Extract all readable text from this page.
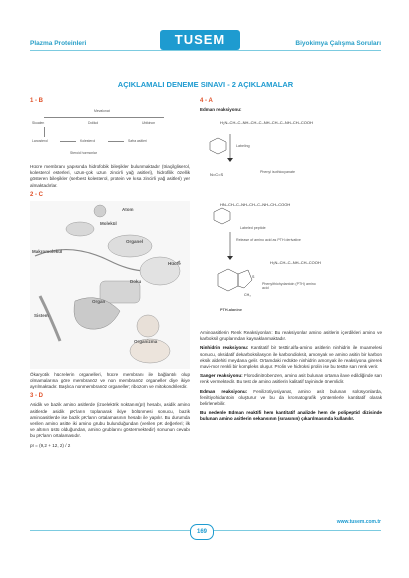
Plazma Proteinleri	TUSEM	Biyokimya Çalışma Soruları
AÇIKLAMALI DENEME SINAVI - 2 AÇIKLAMALAR
1 - B
Mevalonat
Skualen	Dolikol	Ubikinon
Lanosterol	Kolesterol	Safra asitleri
Steroid hormonlar

Hücre membranı yapısında hidrofobik bileşikler bulunmaktadır (triaçilgliserol, kolesterol esterleri, uzun-çok uzun zincirli yağ asitleri), hidrofilik özellik gösteren bileşikler (serbest kolesterol, protein ve kısa zincirli yağ asitleri) yer almaktadırlar.

2 - C
Atom
Molekül
Organel
Makromolekül
Hücre
Doku
Organ
Sistem
Organizma

Ökaryotik hücrelerin organelleri, hücre membranı ile bağlantılı olup olmamalarına göre membranöz ve non membranöz organeller diye ikiye ayrılmaktadır. Başlıca nonmembranöz organeller; ribozom ve mitokondrilerdir.

3 - D

Asidik ve bazik amino asitlerde (izoelektrik noktanın(pI) hesabı, asidik amino asitlerde asidik pK'ların toplanarak ikiye bölünmesi sonucu, bazik aminoasitlerde ise bazik pK'ların ortalamasının hesabı ile yapılır. Bu durumda verilen amino asitte iki amino grubu bulunduğundan (verilen pK değerleri; ilk ve altının üstü olduğundan, amino grublarını göstermektedir) sonunun cevabı bu pK'ların ortalamasıdır.

pI = (9,2 + 12, 2) / 2

4 - A
Edman reaksiyonu:
H₂N–CH–C–NH–CH–C–NH–CH–C–NH–CH–COOH
N=C=S
HN–CH–C–NH–CH–C–NH–CH–COOH
H₃N–CH–C–NH–CH–COOH
S
CH₃
Labeling
Phenyl isothiocyanate
Labeled peptide
Release of amino acid as PTH derivative
Phenylthiohydantoin (PTH) amino acid
PTH-alanine

Aminoasitlerin Renk Reaksiyonları: Bu reaksiyonlar amino asitlerin içerdikleri amino ve karboksil gruplarından kaynaklanmaktadır.

Ninhidrin reaksiyonu: Kantitatif bir testtir.alfa-amino asitlerin ninhidrin ile muamelesi sonucu, oksidatif dekarboksilasyon ile karbondioksit, amonyak ve amino asitin bir karbon eksik aldehiti meydana gelir. Ortamdaki redükte ninhidrin amonyak ile reaksiyona girerek mavi-mor renkli bir kompleks oluşur. Prolin ve hidroksi prolin ise bu testte sarı renk verir.

Sanger reaksiyonu: Florodinitrobenzen, amino asit bulunan ortama ilave edildiğinde sarı renk vermektedir. Bu test de amino asitlerin kalitatif tayininde önemlidir.

Edman reaksiyonu: Fenilizotiyosiyanat, amino asit bulunan solüsyonlarda, feniltiyohidantoin oluşturur ve bu da kromatografik yöntemlerle kantitatif olarak belirlenebilir.

Bu nedenle Edman reaktifi hem kantitatif analizde hem de polipeptid dizisinde bulunan amino asitlerin sekansının (sırasının) çıkarılmasında kullanılır.

www.tusem.com.tr
169
